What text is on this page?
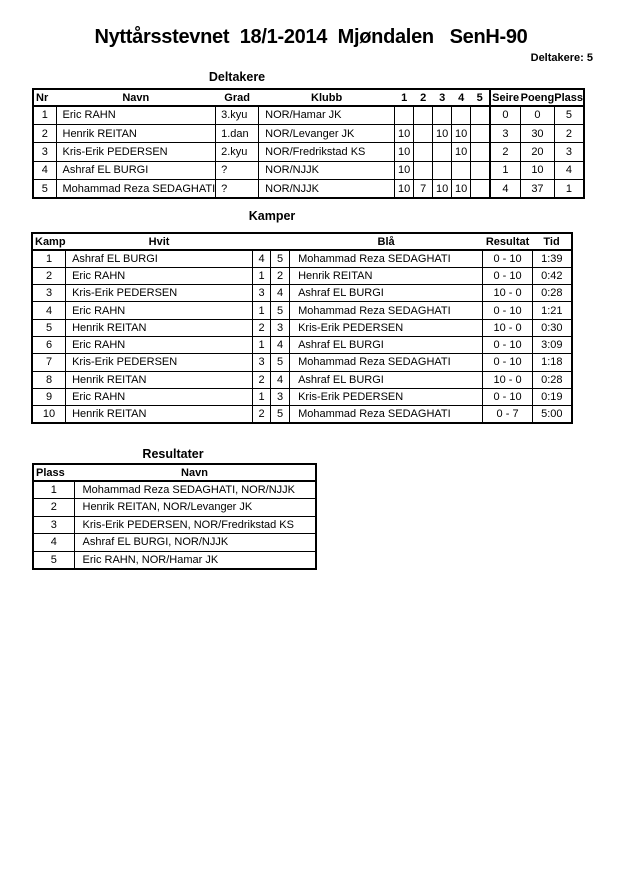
Nyttårsstevnet  18/1-2014  Mjøndalen   SenH-90
Deltakere: 5
Deltakere
Nr	Navn	Grad	Klubb	1	2	3	4	5	Seire	Poeng	Plass
1	Eric RAHN	3.kyu	NOR/Hamar JK						0	0	5
2	Henrik REITAN	1.dan	NOR/Levanger JK	10		10	10		3	30	2
3	Kris-Erik PEDERSEN	2.kyu	NOR/Fredrikstad KS	10			10		2	20	3
4	Ashraf EL BURGI	?	NOR/NJJK	10					1	10	4
5	Mohammad Reza SEDAGHATI	?	NOR/NJJK	10	7	10	10		4	37	1
Kamper
Kamp	Hvit			Blå	Resultat	Tid
1	Ashraf EL BURGI	4	5	Mohammad Reza SEDAGHATI	0 - 10	1:39
2	Eric RAHN	1	2	Henrik REITAN	0 - 10	0:42
3	Kris-Erik PEDERSEN	3	4	Ashraf EL BURGI	10 - 0	0:28
4	Eric RAHN	1	5	Mohammad Reza SEDAGHATI	0 - 10	1:21
5	Henrik REITAN	2	3	Kris-Erik PEDERSEN	10 - 0	0:30
6	Eric RAHN	1	4	Ashraf EL BURGI	0 - 10	3:09
7	Kris-Erik PEDERSEN	3	5	Mohammad Reza SEDAGHATI	0 - 10	1:18
8	Henrik REITAN	2	4	Ashraf EL BURGI	10 - 0	0:28
9	Eric RAHN	1	3	Kris-Erik PEDERSEN	0 - 10	0:19
10	Henrik REITAN	2	5	Mohammad Reza SEDAGHATI	0 - 7	5:00
Resultater
Plass	Navn
1	Mohammad Reza SEDAGHATI, NOR/NJJK
2	Henrik REITAN, NOR/Levanger JK
3	Kris-Erik PEDERSEN, NOR/Fredrikstad KS
4	Ashraf EL BURGI, NOR/NJJK
5	Eric RAHN, NOR/Hamar JK
